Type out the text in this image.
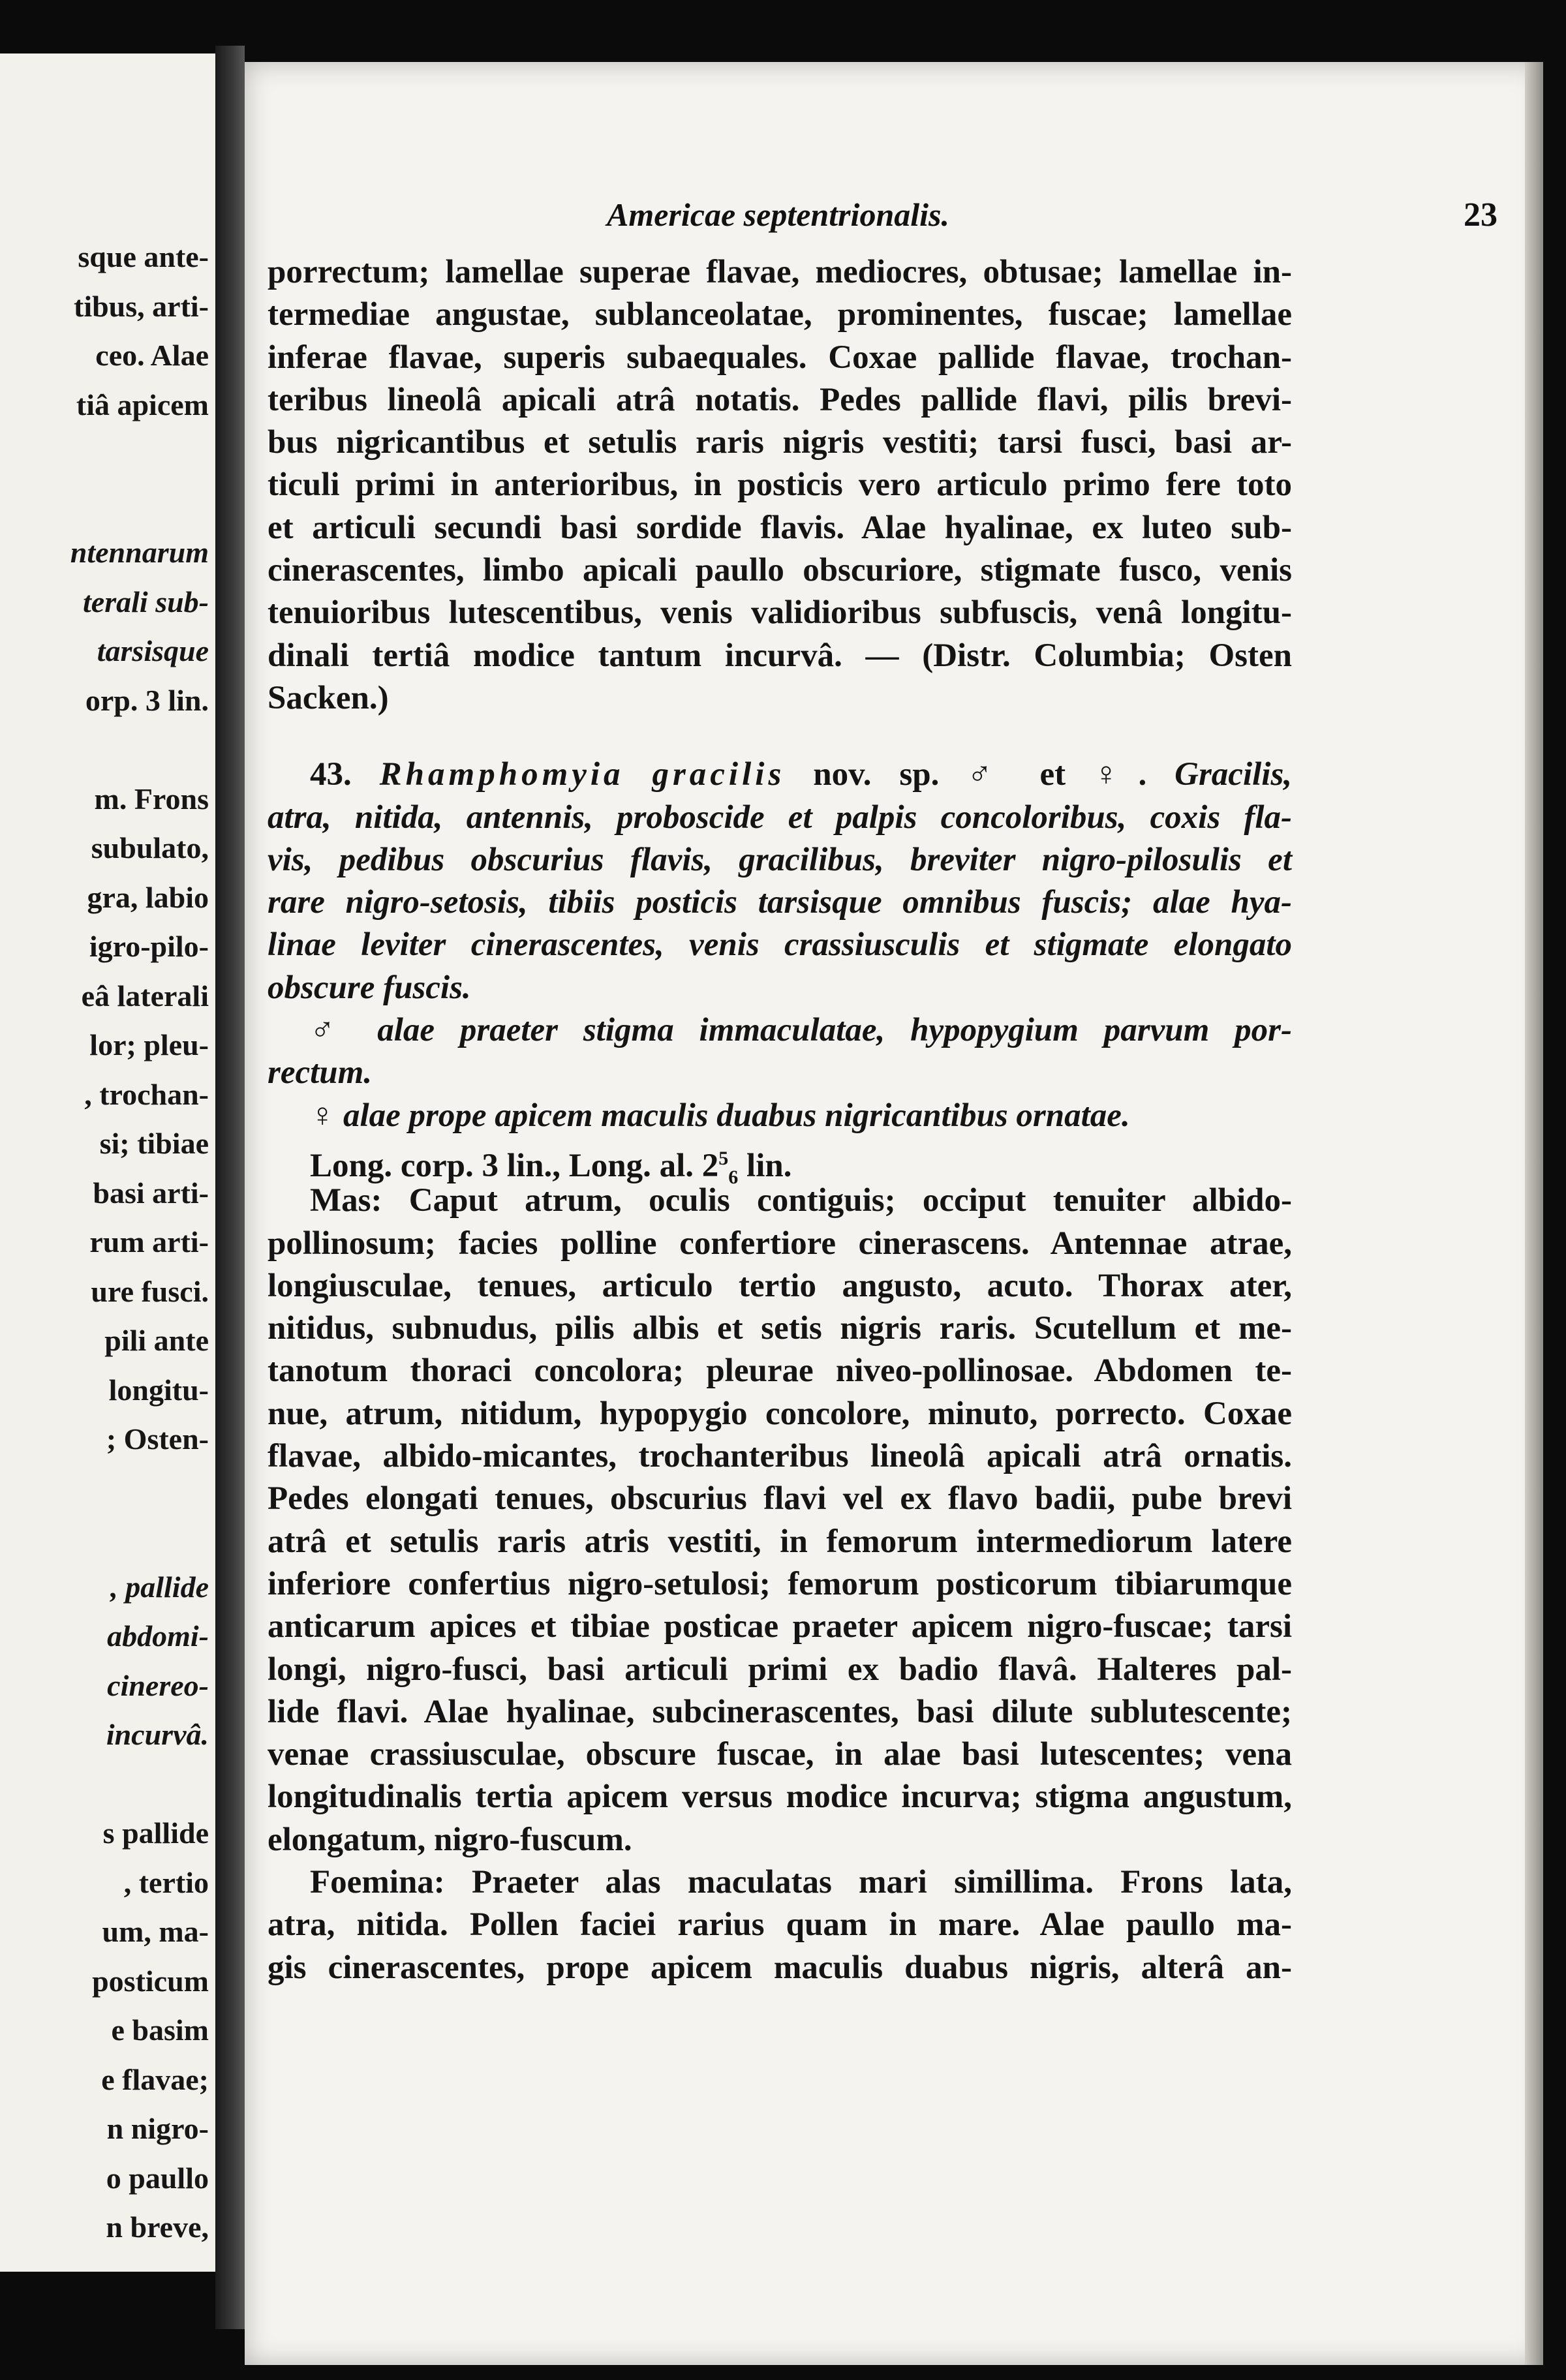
sque ante-
tibus, arti-
ceo. Alae
tiâ apicem
ntennarum
terali sub-
tarsisque
orp. 3 lin.
m. Frons
subulato,
gra, labio
igro-pilo-
eâ laterali
lor; pleu-
, trochan-
si; tibiae
basi arti-
rum arti-
ure fusci.
pili ante
longitu-
; Osten-
, pallide
abdomi-
cinereo-
incurvâ.
s pallide
, tertio
um, ma-
posticum
e basim
e flavae;
n nigro-
o paullo
n breve,
Americae septentrionalis.	23
porrectum; lamellae superae flavae, mediocres, obtusae; lamellae in-
termediae angustae, sublanceolatae, prominentes, fuscae; lamellae
inferae flavae, superis subaequales. Coxae pallide flavae, trochan-
teribus lineolâ apicali atrâ notatis. Pedes pallide flavi, pilis brevi-
bus nigricantibus et setulis raris nigris vestiti; tarsi fusci, basi ar-
ticuli primi in anterioribus, in posticis vero articulo primo fere toto
et articuli secundi basi sordide flavis. Alae hyalinae, ex luteo sub-
cinerascentes, limbo apicali paullo obscuriore, stigmate fusco, venis
tenuioribus lutescentibus, venis validioribus subfuscis, venâ longitu-
dinali tertiâ modice tantum incurvâ. — (Distr. Columbia; Osten
Sacken.)
43. Rhamphomyia gracilis nov. sp. ♂ et ♀. Gracilis,
atra, nitida, antennis, proboscide et palpis concoloribus, coxis fla-
vis, pedibus obscurius flavis, gracilibus, breviter nigro-pilosulis et
rare nigro-setosis, tibiis posticis tarsisque omnibus fuscis; alae hya-
linae leviter cinerascentes, venis crassiusculis et stigmate elongato
obscure fuscis.
♂ alae praeter stigma immaculatae, hypopygium parvum por-
rectum.
♀ alae prope apicem maculis duabus nigricantibus ornatae.
Long. corp. 3 lin., Long. al. $2^5_6$ lin.
Mas: Caput atrum, oculis contiguis; occiput tenuiter albido-
pollinosum; facies polline confertiore cinerascens. Antennae atrae,
longiusculae, tenues, articulo tertio angusto, acuto. Thorax ater,
nitidus, subnudus, pilis albis et setis nigris raris. Scutellum et me-
tanotum thoraci concolora; pleurae niveo-pollinosae. Abdomen te-
nue, atrum, nitidum, hypopygio concolore, minuto, porrecto. Coxae
flavae, albido-micantes, trochanteribus lineolâ apicali atrâ ornatis.
Pedes elongati tenues, obscurius flavi vel ex flavo badii, pube brevi
atrâ et setulis raris atris vestiti, in femorum intermediorum latere
inferiore confertius nigro-setulosi; femorum posticorum tibiarumque
anticarum apices et tibiae posticae praeter apicem nigro-fuscae; tarsi
longi, nigro-fusci, basi articuli primi ex badio flavâ. Halteres pal-
lide flavi. Alae hyalinae, subcinerascentes, basi dilute sublutescente;
venae crassiusculae, obscure fuscae, in alae basi lutescentes; vena
longitudinalis tertia apicem versus modice incurva; stigma angustum,
elongatum, nigro-fuscum.
Foemina: Praeter alas maculatas mari simillima. Frons lata,
atra, nitida. Pollen faciei rarius quam in mare. Alae paullo ma-
gis cinerascentes, prope apicem maculis duabus nigris, alterâ an-
